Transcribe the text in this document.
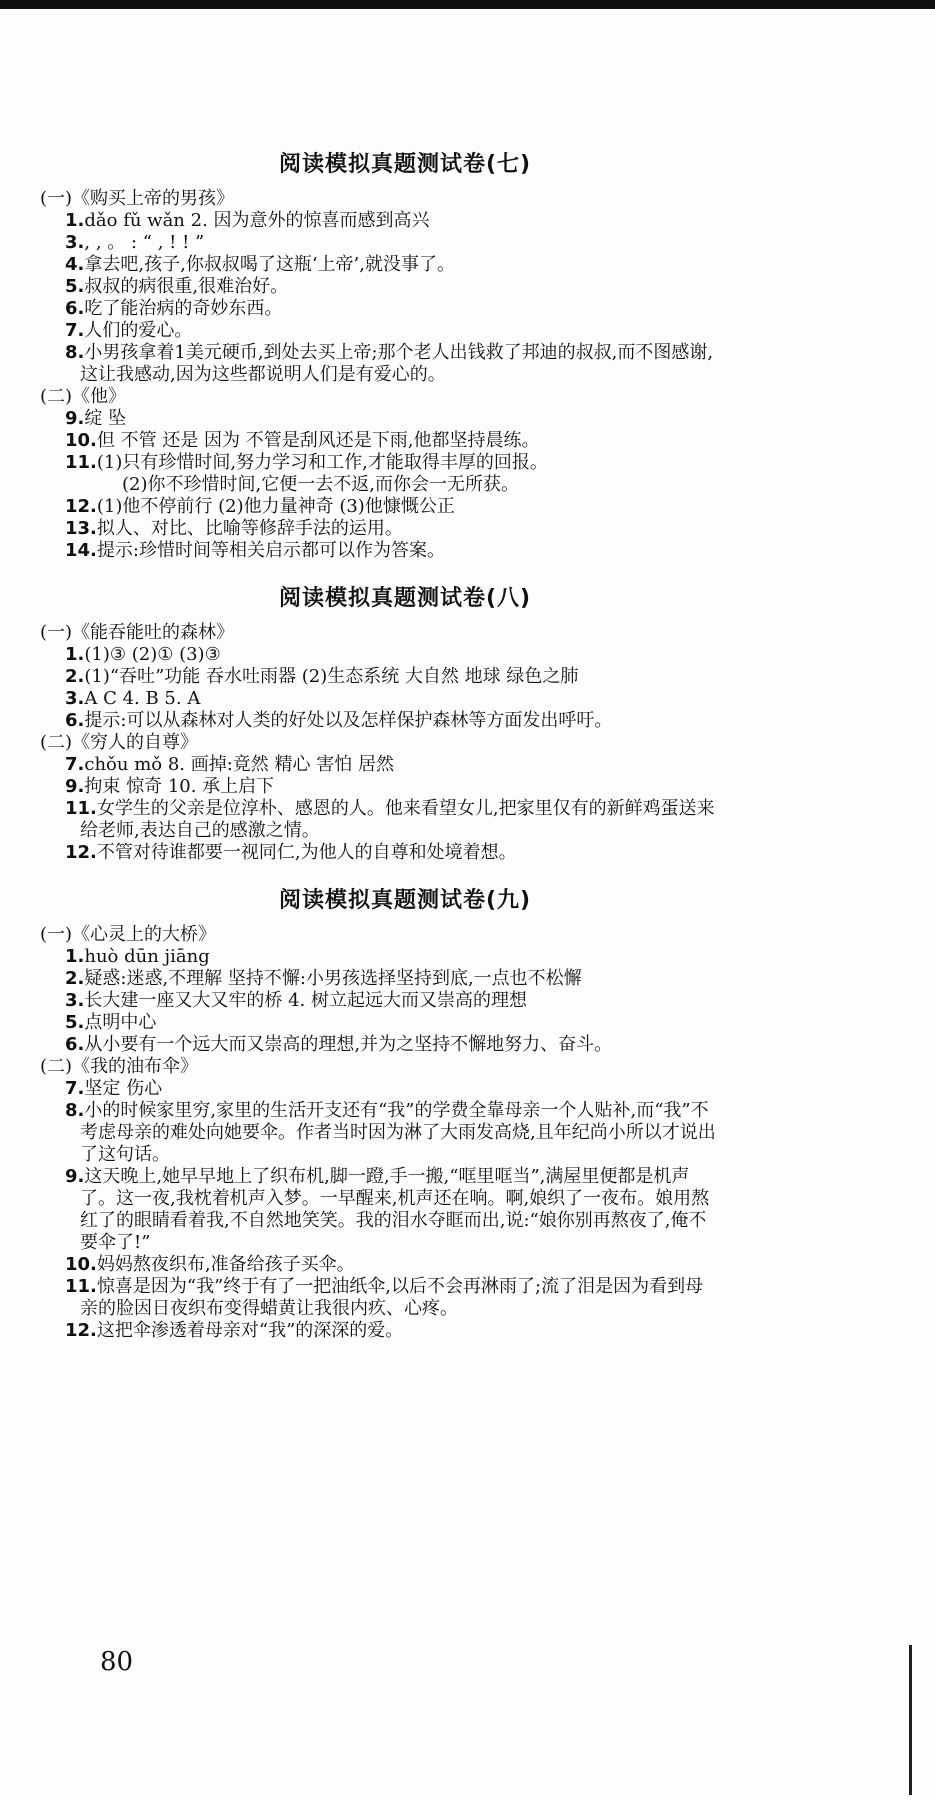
阅读模拟真题测试卷(七)

(一)《购买上帝的男孩》

1.dǎo fǔ wǎn 2. 因为意外的惊喜而感到高兴

3., , 。 : “ , ! ! ”

4.拿去吧,孩子,你叔叔喝了这瓶‘上帝’,就没事了。

5.叔叔的病很重,很难治好。

6.吃了能治病的奇妙东西。

7.人们的爱心。

8.小男孩拿着1美元硬币,到处去买上帝;那个老人出钱救了邦迪的叔叔,而不图感谢,这让我感动,因为这些都说明人们是有爱心的。

(二)《他》

9.绽 坠

10.但 不管 还是 因为 不管是刮风还是下雨,他都坚持晨练。

11.(1)只有珍惜时间,努力学习和工作,才能取得丰厚的回报。

(2)你不珍惜时间,它便一去不返,而你会一无所获。

12.(1)他不停前行 (2)他力量神奇 (3)他慷慨公正

13.拟人、对比、比喻等修辞手法的运用。

14.提示:珍惜时间等相关启示都可以作为答案。

阅读模拟真题测试卷(八)

(一)《能吞能吐的森林》

1.(1)③ (2)① (3)③

2.(1)“吞吐”功能 吞水吐雨器 (2)生态系统 大自然 地球 绿色之肺

3.A C 4. B 5. A

6.提示:可以从森林对人类的好处以及怎样保护森林等方面发出呼吁。

(二)《穷人的自尊》

7.chǒu mǒ 8. 画掉:竟然 精心 害怕 居然

9.拘束 惊奇 10. 承上启下

11.女学生的父亲是位淳朴、感恩的人。他来看望女儿,把家里仅有的新鲜鸡蛋送来给老师,表达自己的感激之情。

12.不管对待谁都要一视同仁,为他人的自尊和处境着想。

阅读模拟真题测试卷(九)

(一)《心灵上的大桥》

1.huò dūn jiāng

2.疑惑:迷惑,不理解 坚持不懈:小男孩选择坚持到底,一点也不松懈

3.长大建一座又大又牢的桥 4. 树立起远大而又崇高的理想

5.点明中心

6.从小要有一个远大而又崇高的理想,并为之坚持不懈地努力、奋斗。

(二)《我的油布伞》

7.坚定 伤心

8.小的时候家里穷,家里的生活开支还有“我”的学费全靠母亲一个人贴补,而“我”不考虑母亲的难处向她要伞。作者当时因为淋了大雨发高烧,且年纪尚小所以才说出了这句话。

9.这天晚上,她早早地上了织布机,脚一蹬,手一搬,“哐里哐当”,满屋里便都是机声了。这一夜,我枕着机声入梦。一早醒来,机声还在响。啊,娘织了一夜布。娘用熬红了的眼睛看着我,不自然地笑笑。我的泪水夺眶而出,说:“娘你别再熬夜了,俺不要伞了!”

10.妈妈熬夜织布,准备给孩子买伞。

11.惊喜是因为“我”终于有了一把油纸伞,以后不会再淋雨了;流了泪是因为看到母亲的脸因日夜织布变得蜡黄让我很内疚、心疼。

12.这把伞渗透着母亲对“我”的深深的爱。

80
